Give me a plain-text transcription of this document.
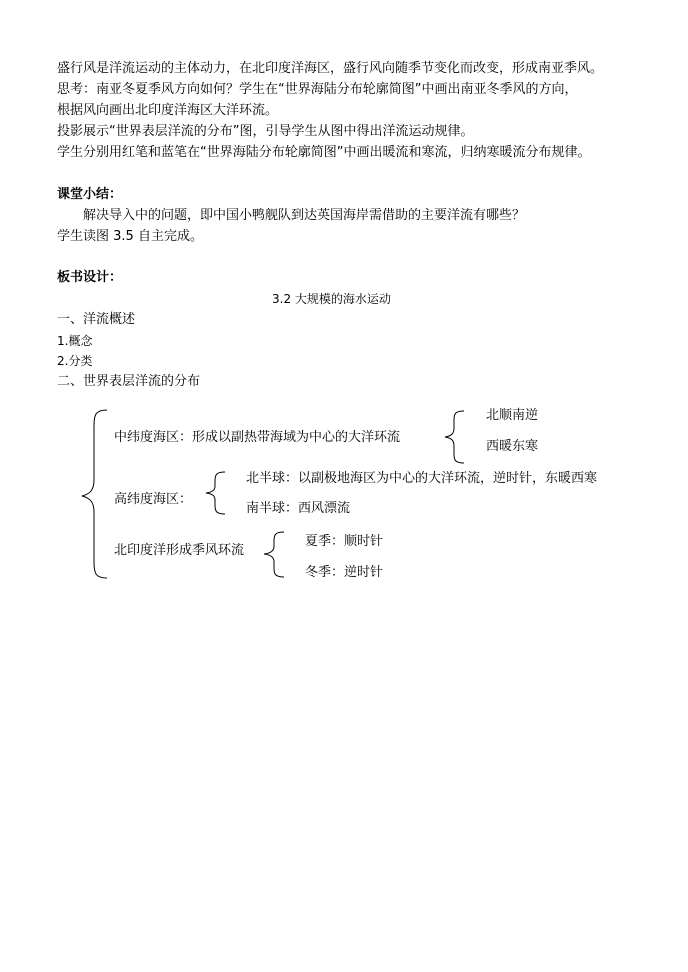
盛行风是洋流运动的主体动力，在北印度洋海区，盛行风向随季节变化而改变，形成南亚季风。
思考：南亚冬夏季风方向如何？学生在“世界海陆分布轮廓简图”中画出南亚冬季风的方向，
根据风向画出北印度洋海区大洋环流。
投影展示“世界表层洋流的分布”图，引导学生从图中得出洋流运动规律。
学生分别用红笔和蓝笔在“世界海陆分布轮廓简图”中画出暖流和寒流，归纳寒暖流分布规律。
课堂小结：
解决导入中的问题，即中国小鸭舰队到达英国海岸需借助的主要洋流有哪些？
学生读图 3.5 自主完成。
板书设计：
3.2 大规模的海水运动
一、洋流概述
1.概念
2.分类
二、世界表层洋流的分布
中纬度海区：形成以副热带海域为中心的大洋环流
北顺南逆
西暖东寒
高纬度海区：
北半球：以副极地海区为中心的大洋环流，逆时针，东暖西寒
南半球：西风漂流
北印度洋形成季风环流
夏季：顺时针
冬季：逆时针
